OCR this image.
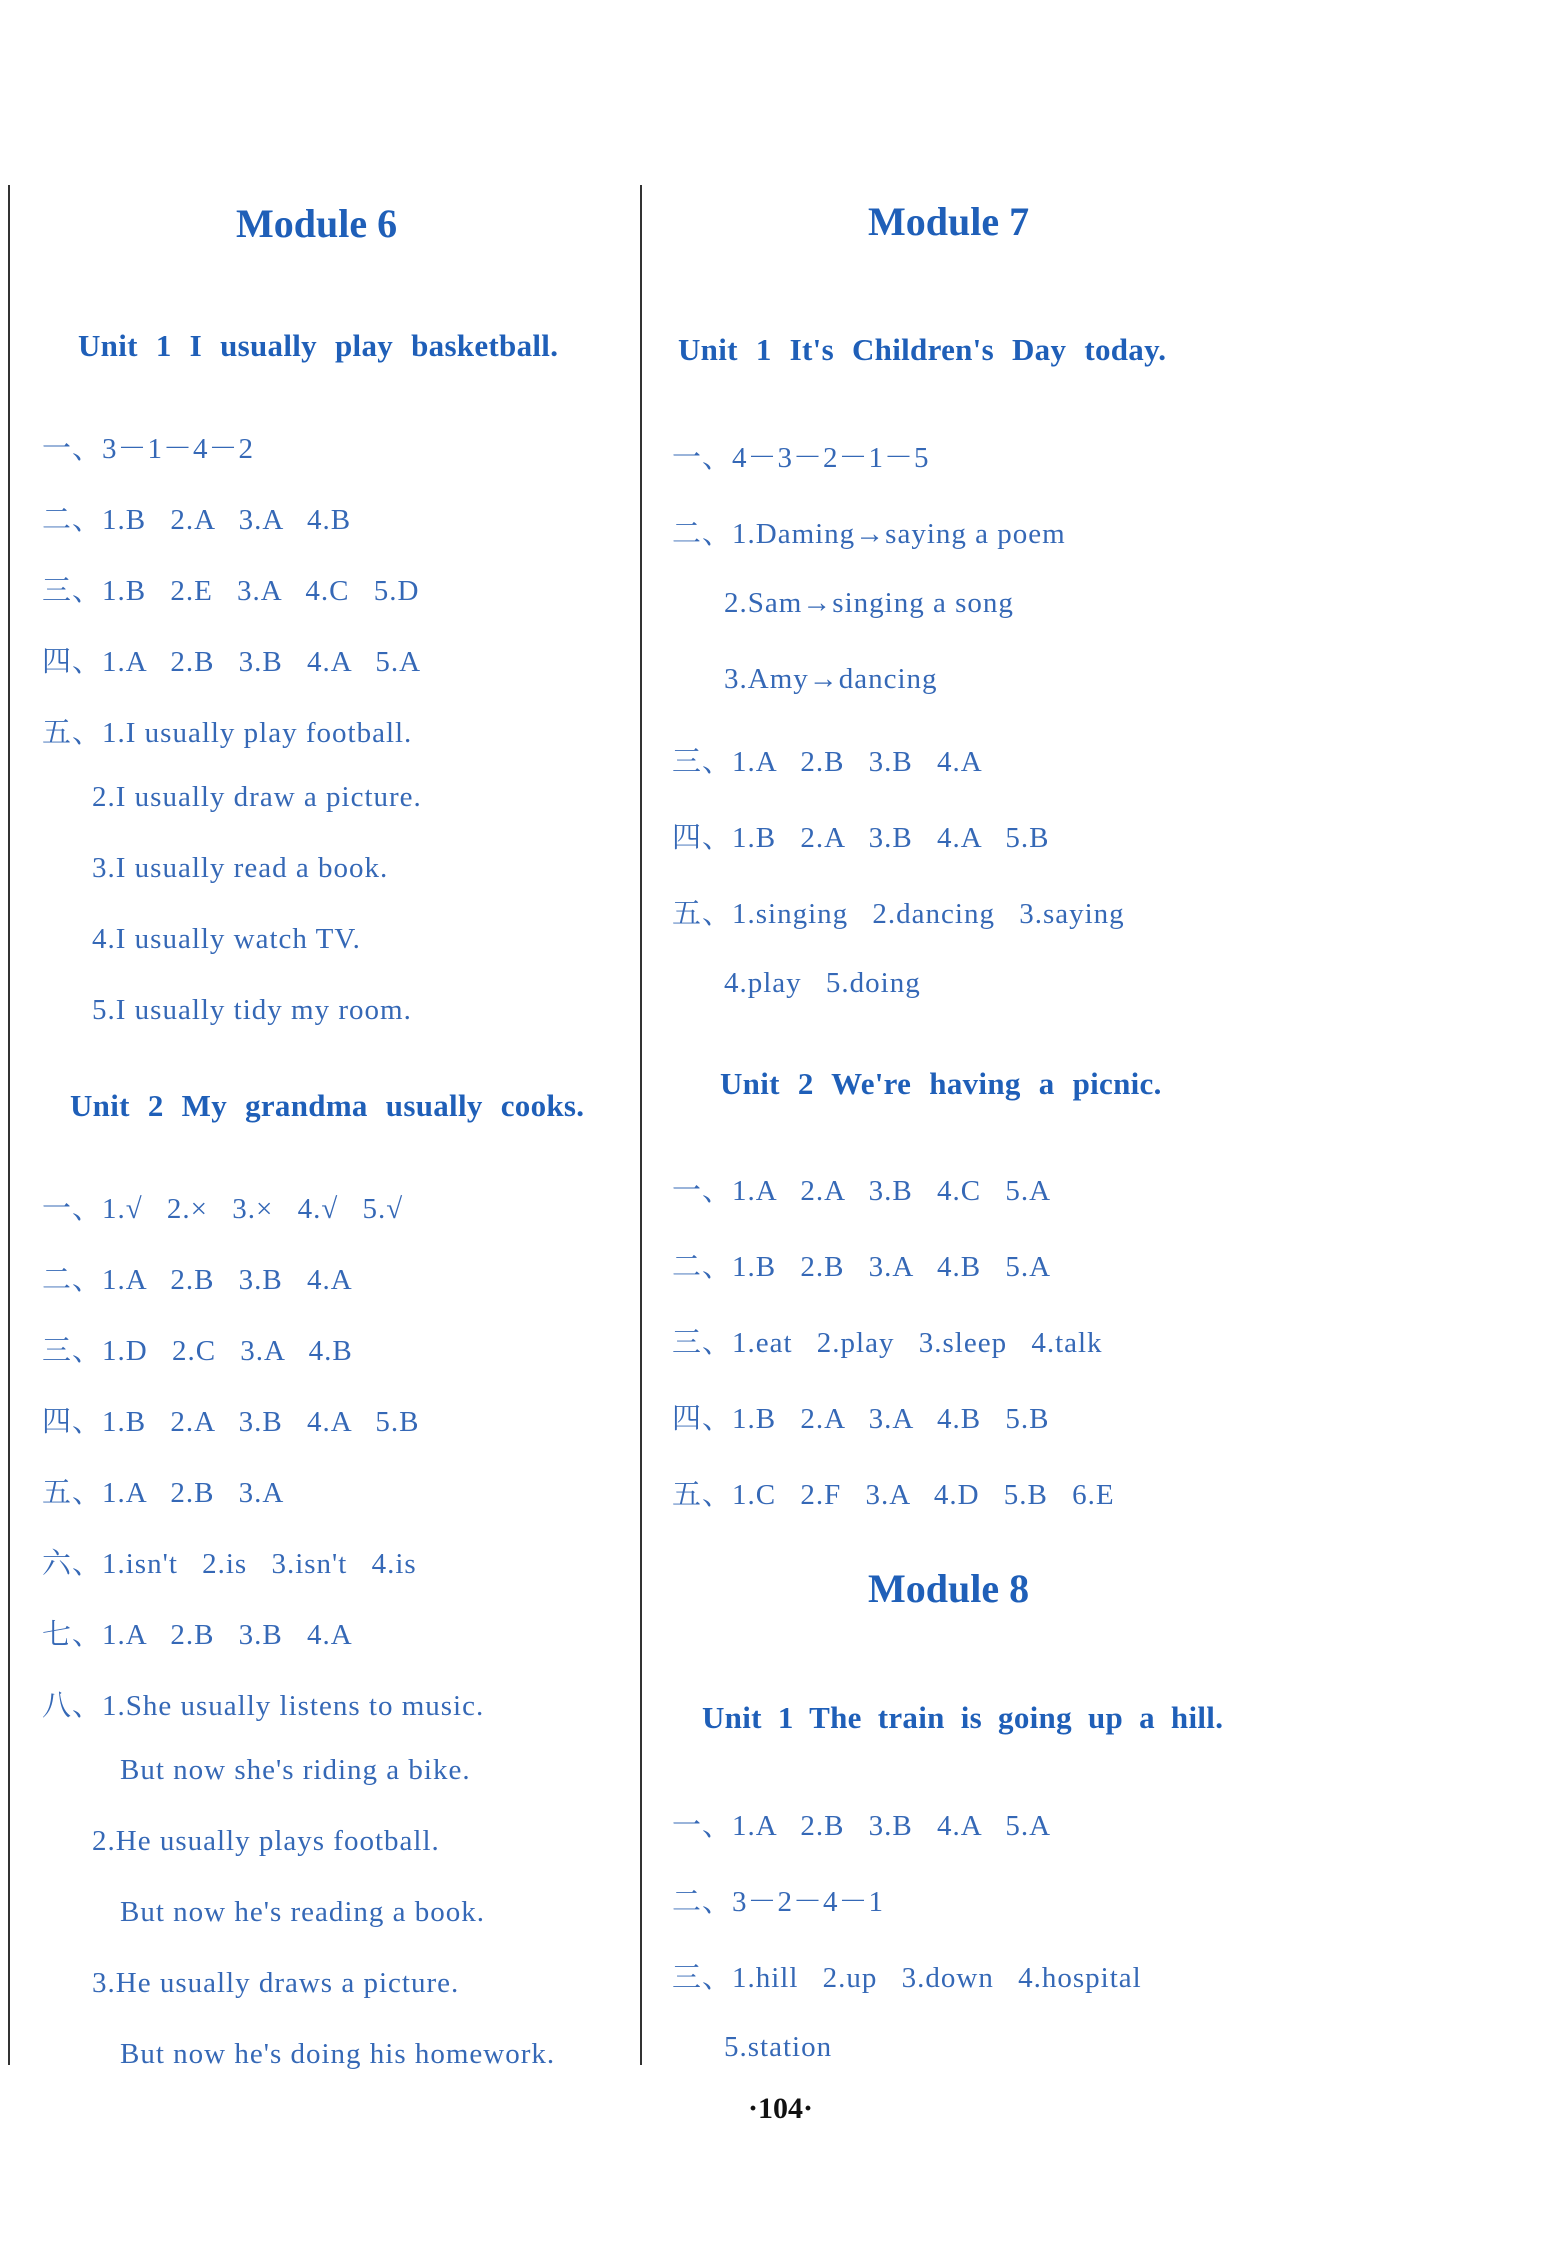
Module 6
Unit 1 I usually play basketball.
一、3－1－4－2
二、1.B 2.A 3.A 4.B
三、1.B 2.E 3.A 4.C 5.D
四、1.A 2.B 3.B 4.A 5.A
五、1.I usually play football.
2.I usually draw a picture.
3.I usually read a book.
4.I usually watch TV.
5.I usually tidy my room.
Unit 2 My grandma usually cooks.
一、1.√ 2.× 3.× 4.√ 5.√
二、1.A 2.B 3.B 4.A
三、1.D 2.C 3.A 4.B
四、1.B 2.A 3.B 4.A 5.B
五、1.A 2.B 3.A
六、1.isn't 2.is 3.isn't 4.is
七、1.A 2.B 3.B 4.A
八、1.She usually listens to music.
But now she's riding a bike.
2.He usually plays football.
But now he's reading a book.
3.He usually draws a picture.
But now he's doing his homework.
Module 7
Unit 1 It's Children's Day today.
一、4－3－2－1－5
二、1.Daming→saying a poem
2.Sam→singing a song
3.Amy→dancing
三、1.A 2.B 3.B 4.A
四、1.B 2.A 3.B 4.A 5.B
五、1.singing 2.dancing 3.saying
4.play 5.doing
Unit 2 We're having a picnic.
一、1.A 2.A 3.B 4.C 5.A
二、1.B 2.B 3.A 4.B 5.A
三、1.eat 2.play 3.sleep 4.talk
四、1.B 2.A 3.A 4.B 5.B
五、1.C 2.F 3.A 4.D 5.B 6.E
Module 8
Unit 1 The train is going up a hill.
一、1.A 2.B 3.B 4.A 5.A
二、3－2－4－1
三、1.hill 2.up 3.down 4.hospital
5.station
·104·
